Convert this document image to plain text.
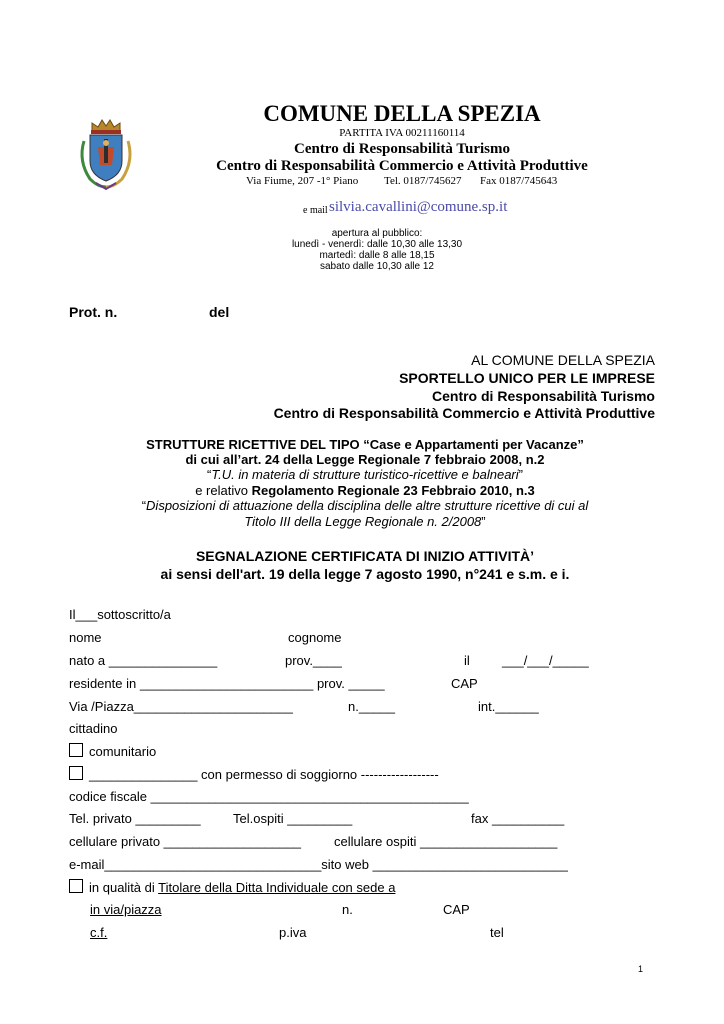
COMUNE DELLA SPEZIA
PARTITA IVA 00211160114
Centro di Responsabilità Turismo
Centro di Responsabilità Commercio e Attività Produttive
Via Fiume, 207 -1° Piano Tel. 0187/745627 Fax 0187/745643
e mail silvia.cavallini@comune.sp.it
apertura al pubblico:
lunedì - venerdì: dalle 10,30 alle 13,30
martedì: dalle 8 alle 18,15
sabato dalle 10,30 alle 12
Prot. n.	del
AL COMUNE DELLA SPEZIA
SPORTELLO UNICO PER LE IMPRESE
Centro di Responsabilità Turismo
Centro di Responsabilità Commercio e Attività Produttive
STRUTTURE RICETTIVE DEL TIPO “Case e Appartamenti per Vacanze”
di cui all’art. 24 della Legge Regionale 7 febbraio 2008, n.2
“T.U. in materia di strutture turistico-ricettive e balneari”
e relativo Regolamento Regionale 23 Febbraio 2010, n.3
“Disposizioni di attuazione della disciplina delle altre strutture ricettive di cui al
Titolo III della Legge Regionale n. 2/2008”
SEGNALAZIONE CERTIFICATA DI INIZIO ATTIVITÀ’
ai sensi dell'art. 19 della legge 7 agosto 1990, n°241 e s.m. e i.
Il___sottoscritto/a
nome	cognome
nato a _______________	prov.____	il ___/___/_____
residente in ________________________ prov. _____	CAP
Via /Piazza______________________	n._____	int.______
cittadino
comunitario
_______________ con permesso di soggiorno ------------------
codice fiscale ____________________________________________
Tel. privato _________ Tel.ospiti _________	fax __________
cellulare privato ___________________	cellulare ospiti ___________________
e-mail______________________________sito web ___________________________
in qualità di Titolare della Ditta Individuale con sede a
in via/piazza	n.	CAP
c.f.	p.iva	tel
1
